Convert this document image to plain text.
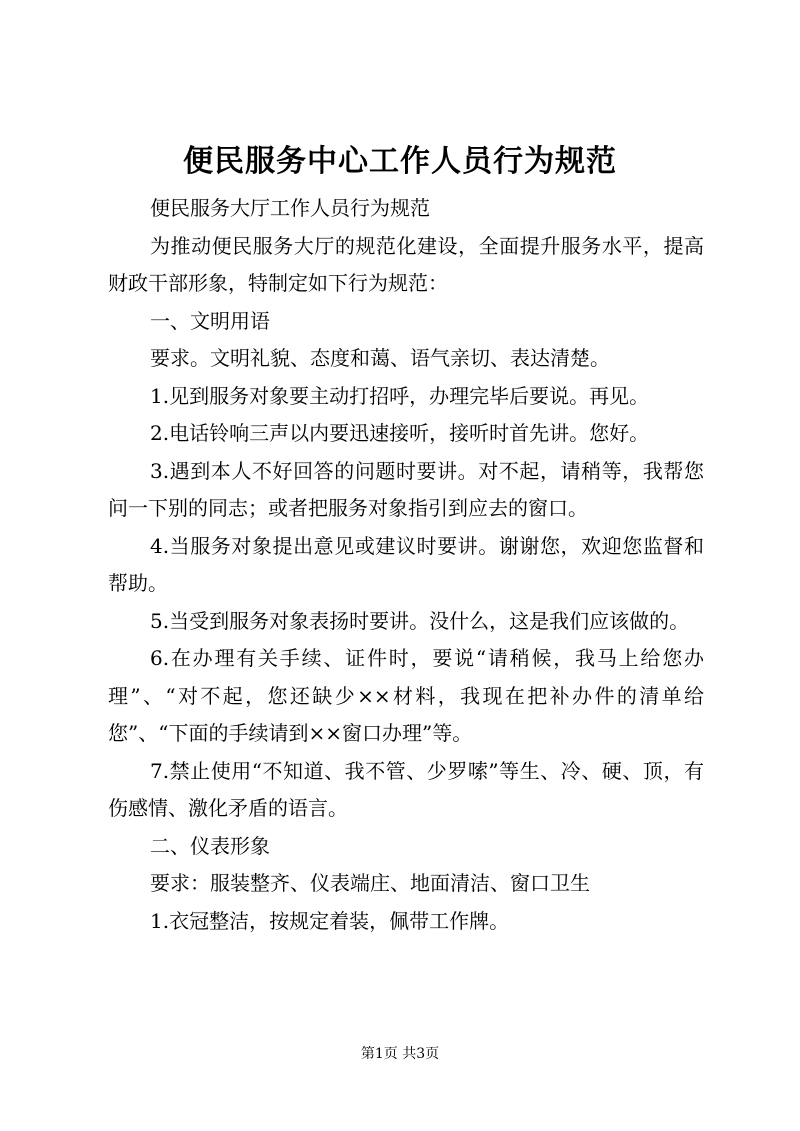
便民服务中心工作人员行为规范

便民服务大厅工作人员行为规范

为推动便民服务大厅的规范化建设，全面提升服务水平，提高财政干部形象，特制定如下行为规范：

一、文明用语

要求。文明礼貌、态度和蔼、语气亲切、表达清楚。

1.见到服务对象要主动打招呼，办理完毕后要说。再见。

2.电话铃响三声以内要迅速接听，接听时首先讲。您好。

3.遇到本人不好回答的问题时要讲。对不起，请稍等，我帮您问一下别的同志；或者把服务对象指引到应去的窗口。

4.当服务对象提出意见或建议时要讲。谢谢您，欢迎您监督和帮助。

5.当受到服务对象表扬时要讲。没什么，这是我们应该做的。

6.在办理有关手续、证件时，要说“请稍候，我马上给您办理”、“对不起，您还缺少××材料，我现在把补办件的清单给您”、“下面的手续请到××窗口办理”等。

7.禁止使用“不知道、我不管、少罗嗦”等生、冷、硬、顶，有伤感情、激化矛盾的语言。

二、仪表形象

要求：服装整齐、仪表端庄、地面清洁、窗口卫生

1.衣冠整洁，按规定着装，佩带工作牌。

第1页 共3页
